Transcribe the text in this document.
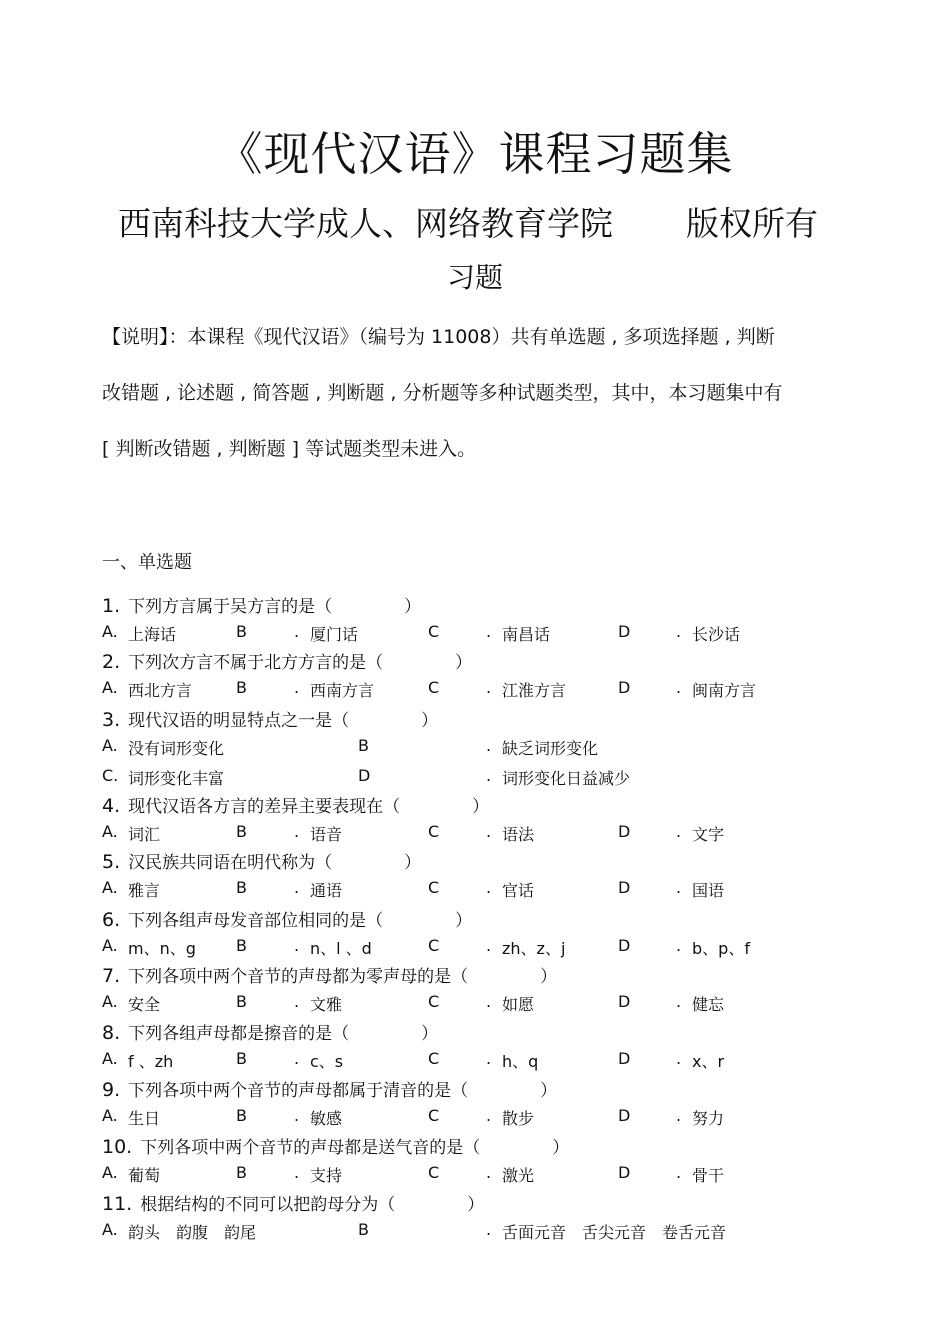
《现代汉语》课程习题集
西南科技大学成人、网络教育学院 版权所有
习题
【说明】：本课程《现代汉语》（编号为 11008）共有单选题 , 多项选择题 , 判断
改错题 , 论述题 , 简答题 , 判断题 , 分析题等多种试题类型，其中，本习题集中有
[ 判断改错题 , 判断题 ] 等试题类型未进入。
一、单选题
1. 下列方言属于吴方言的是（	）
A. 上海话	B	. 厦门话	C	. 南昌话	D	. 长沙话
2. 下列次方言不属于北方方言的是（	）
A. 西北方言	B	. 西南方言	C	. 江淮方言	D	. 闽南方言
3. 现代汉语的明显特点之一是（	）
A. 没有词形变化	B	. 缺乏词形变化
C. 词形变化丰富	D	. 词形变化日益减少
4. 现代汉语各方言的差异主要表现在（	）
A. 词汇	B	. 语音	C	. 语法	D	. 文字
5. 汉民族共同语在明代称为（	）
A. 雅言	B	. 通语	C	. 官话	D	. 国语
6. 下列各组声母发音部位相同的是（	）
A. m、n、g	B	. n、l 、d	C	. zh、z、j	D	. b、p、f
7. 下列各项中两个音节的声母都为零声母的是（	）
A. 安全	B	. 文雅	C	. 如愿	D	. 健忘
8. 下列各组声母都是擦音的是（	）
A. f 、zh	B	. c、s	C	. h、q	D	. x、r
9. 下列各项中两个音节的声母都属于清音的是（	）
A. 生日	B	. 敏感	C	. 散步	D	. 努力
10. 下列各项中两个音节的声母都是送气音的是（	）
A. 葡萄	B	. 支持	C	. 激光	D	. 骨干
11. 根据结构的不同可以把韵母分为（	）
A. 韵头　韵腹　韵尾	B	. 舌面元音　舌尖元音　卷舌元音
